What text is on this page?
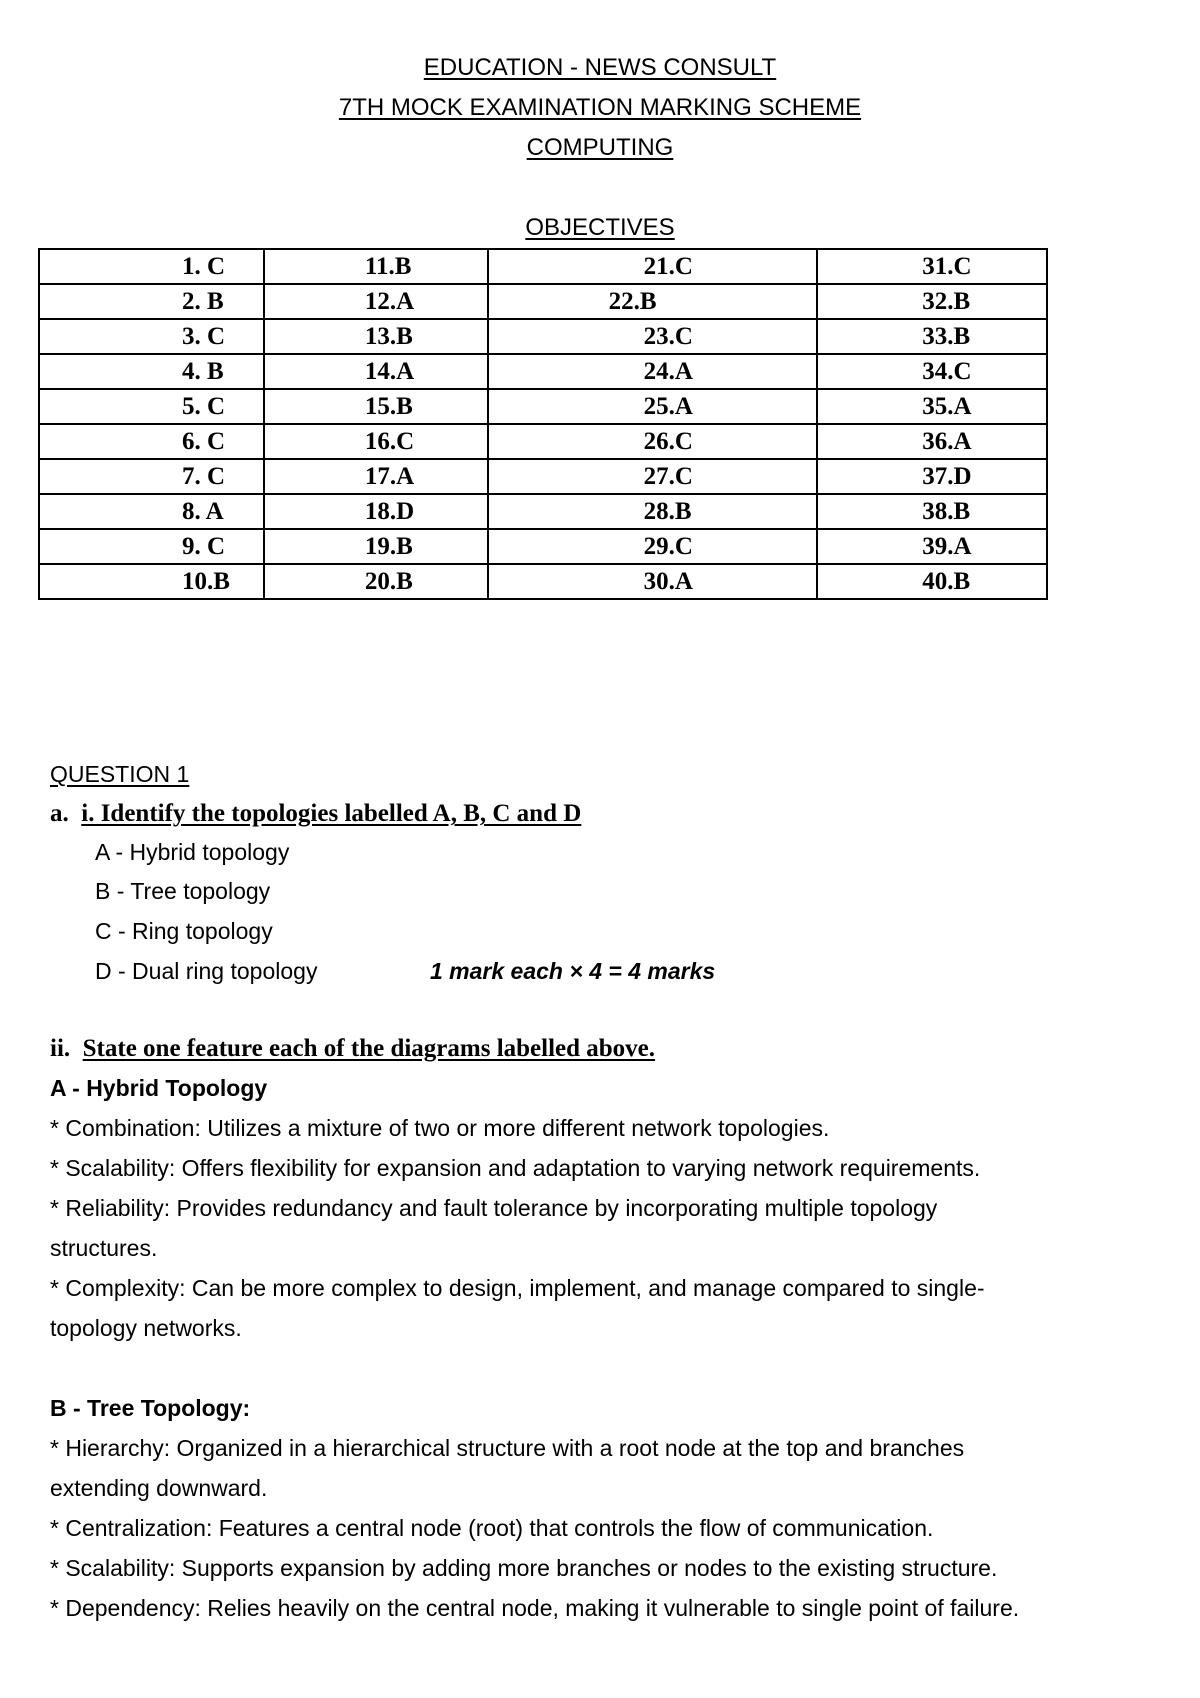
EDUCATION - NEWS CONSULT
7TH MOCK EXAMINATION MARKING SCHEME
COMPUTING
OBJECTIVES
1. C	11.B	21.C	31.C
2. B	12.A	22.B	32.B
3. C	13.B	23.C	33.B
4. B	14.A	24.A	34.C
5. C	15.B	25.A	35.A
6. C	16.C	26.C	36.A
7. C	17.A	27.C	37.D
8. A	18.D	28.B	38.B
9. C	19.B	29.C	39.A
10.B	20.B	30.A	40.B
QUESTION 1
a. i. Identify the topologies labelled A, B, C and D
A - Hybrid topology
B - Tree topology
C - Ring topology
D - Dual ring topology	1 mark each × 4 = 4 marks
ii. State one feature each of the diagrams labelled above.
A - Hybrid Topology
* Combination: Utilizes a mixture of two or more different network topologies.
* Scalability: Offers flexibility for expansion and adaptation to varying network requirements.
* Reliability: Provides redundancy and fault tolerance by incorporating multiple topology
structures.
* Complexity: Can be more complex to design, implement, and manage compared to single-
topology networks.
B - Tree Topology:
* Hierarchy: Organized in a hierarchical structure with a root node at the top and branches
extending downward.
* Centralization: Features a central node (root) that controls the flow of communication.
* Scalability: Supports expansion by adding more branches or nodes to the existing structure.
* Dependency: Relies heavily on the central node, making it vulnerable to single point of failure.
